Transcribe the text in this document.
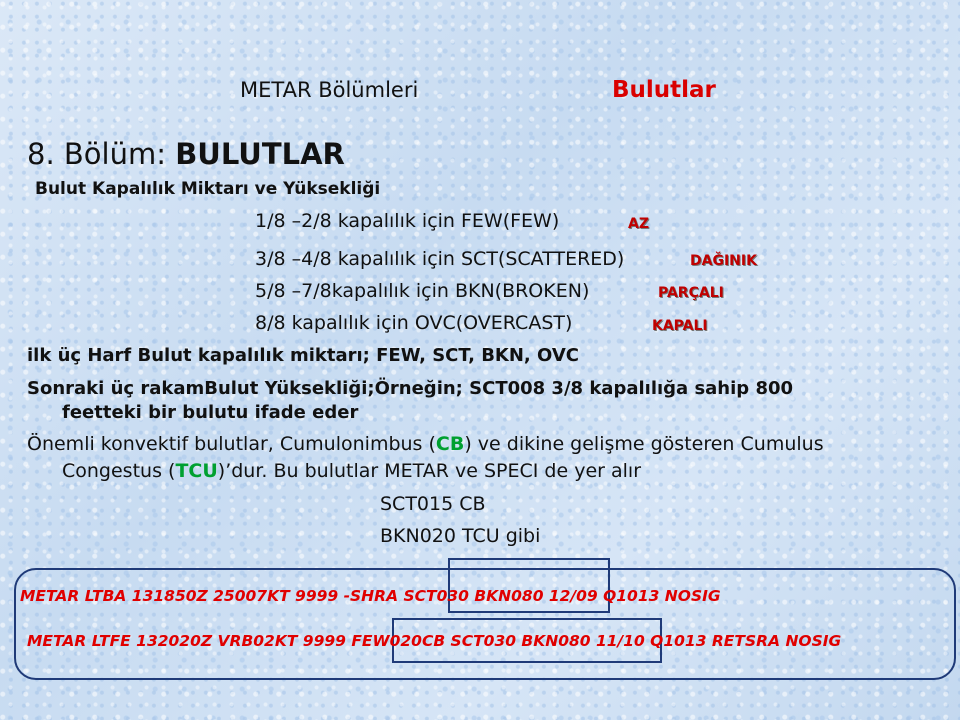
METAR Bölümleri	Bulutlar
8. Bölüm: BULUTLAR
Bulut Kapalılık Miktarı ve Yüksekliği
1/8 –2/8 kapalılık için FEW(FEW)	AZ
3/8 –4/8 kapalılık için SCT(SCATTERED)	DAĞINIK
5/8 –7/8kapalılık için BKN(BROKEN)	PARÇALI
8/8 kapalılık için OVC(OVERCAST)	KAPALI
ilk üç Harf Bulut kapalılık miktarı; FEW, SCT, BKN, OVC
Sonraki üç rakamBulut Yüksekliği;Örneğin; SCT008 3/8 kapalılığa sahip 800
feetteki bir bulutu ifade eder
Önemli konvektif bulutlar, Cumulonimbus (CB) ve dikine gelişme gösteren Cumulus
Congestus (TCU)’dur. Bu bulutlar METAR ve SPECI de yer alır
SCT015 CB
BKN020 TCU gibi
METAR LTBA 131850Z 25007KT 9999 -SHRA SCT030 BKN080 12/09 Q1013 NOSIG
METAR LTFE 132020Z VRB02KT 9999 FEW020CB SCT030 BKN080 11/10 Q1013 RETSRA NOSIG
